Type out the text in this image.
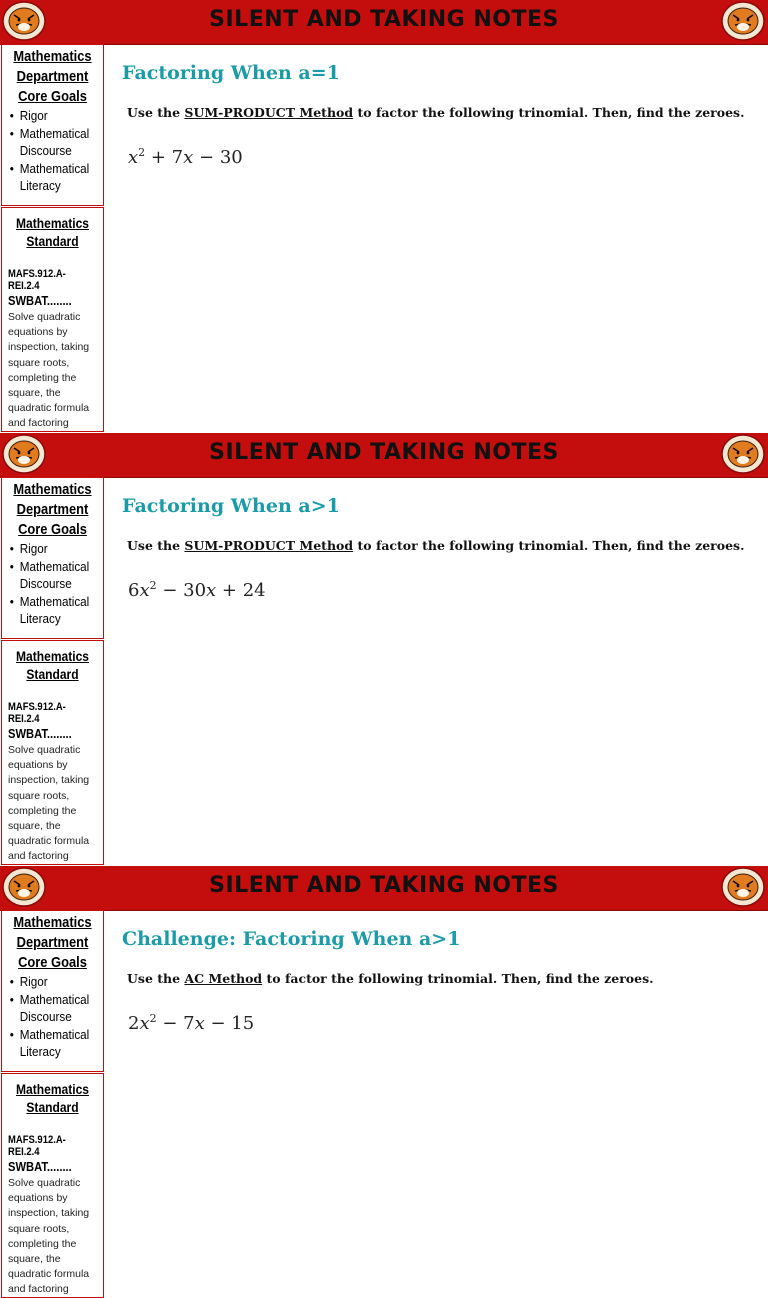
SILENT AND TAKING NOTES
Mathematics Department Core Goals
• Rigor
• Mathematical Discourse
• Mathematical Literacy
Mathematics Standard
MAFS.912.A-REI.2.4
SWBAT........
Solve quadratic equations by inspection, taking square roots, completing the square, the quadratic formula and factoring
Factoring When a=1
Use the SUM-PRODUCT Method to factor the following trinomial. Then, find the zeroes.
$x^2 + 7x - 30$
SILENT AND TAKING NOTES
Mathematics Department Core Goals
• Rigor
• Mathematical Discourse
• Mathematical Literacy
Mathematics Standard
MAFS.912.A-REI.2.4
SWBAT........
Solve quadratic equations by inspection, taking square roots, completing the square, the quadratic formula and factoring
Factoring When a>1
Use the SUM-PRODUCT Method to factor the following trinomial. Then, find the zeroes.
$6x^2 - 30x + 24$
SILENT AND TAKING NOTES
Mathematics Department Core Goals
• Rigor
• Mathematical Discourse
• Mathematical Literacy
Mathematics Standard
MAFS.912.A-REI.2.4
SWBAT........
Solve quadratic equations by inspection, taking square roots, completing the square, the quadratic formula and factoring
Challenge: Factoring When a>1
Use the AC Method to factor the following trinomial. Then, find the zeroes.
$2x^2 - 7x - 15$
